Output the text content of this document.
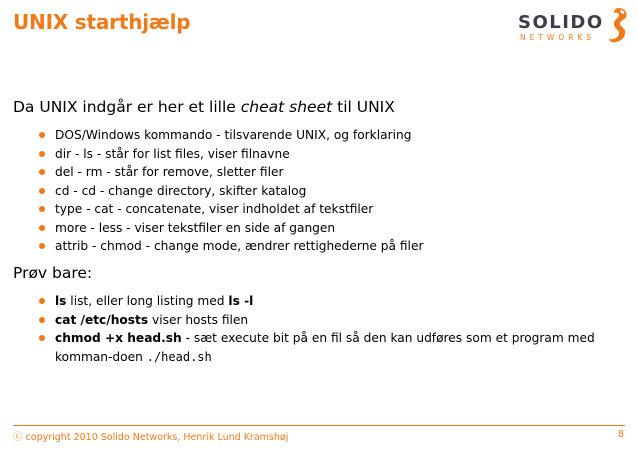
UNIX starthjælp	SOLIDO
NETWORKS
Da UNIX indgår er her et lille cheat sheet til UNIX
DOS/Windows kommando - tilsvarende UNIX, og forklaring
dir - ls - står for list files, viser filnavne
del - rm - står for remove, sletter filer
cd - cd - change directory, skifter katalog
type - cat - concatenate, viser indholdet af tekstfiler
more - less - viser tekstfiler en side af gangen
attrib - chmod - change mode, ændrer rettighederne på filer
Prøv bare:
ls list, eller long listing med ls -l
cat /etc/hosts viser hosts filen
chmod +x head.sh - sæt execute bit på en fil så den kan udføres som et program med komman-doen ./head.sh
ⓒ copyright 2010 Solido Networks, Henrik Lund Kramshøj	8
